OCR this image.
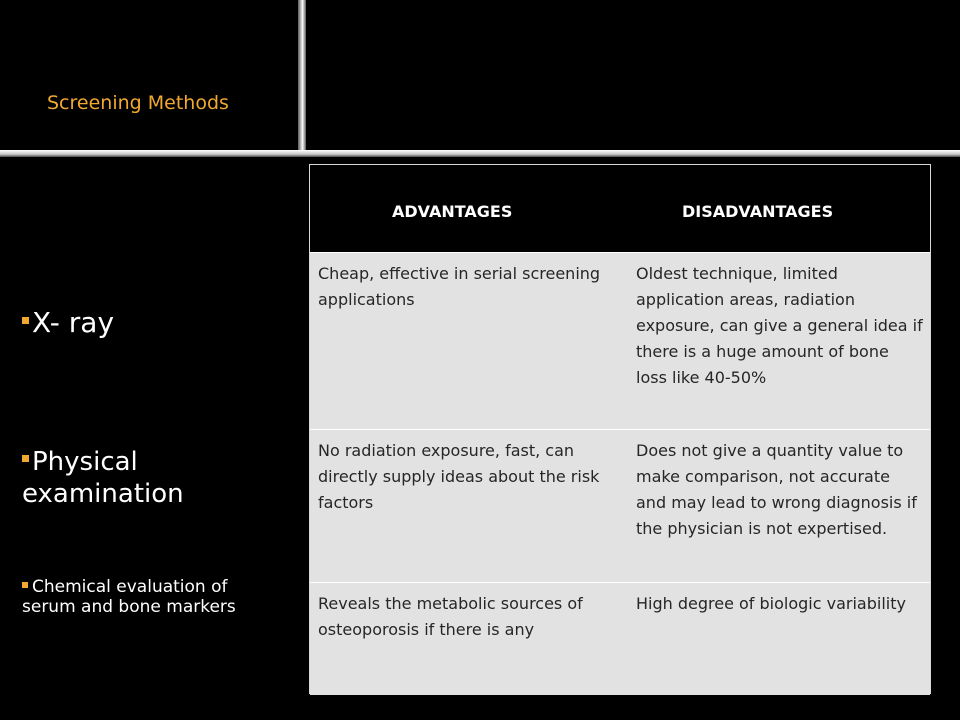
Screening Methods
X- ray
Physical examination
Chemical evaluation of serum and bone markers
ADVANTAGES	DISADVANTAGES
Cheap, effective in serial screening applications
Oldest technique, limited application areas, radiation exposure, can give a general idea if there is a huge amount of bone loss like 40-50%
No radiation exposure, fast, can directly supply ideas about the risk factors
Does not give a quantity value to make comparison, not accurate and may lead to wrong diagnosis if the physician is not expertised.
Reveals the metabolic sources of osteoporosis if there is any
High degree of biologic variability
